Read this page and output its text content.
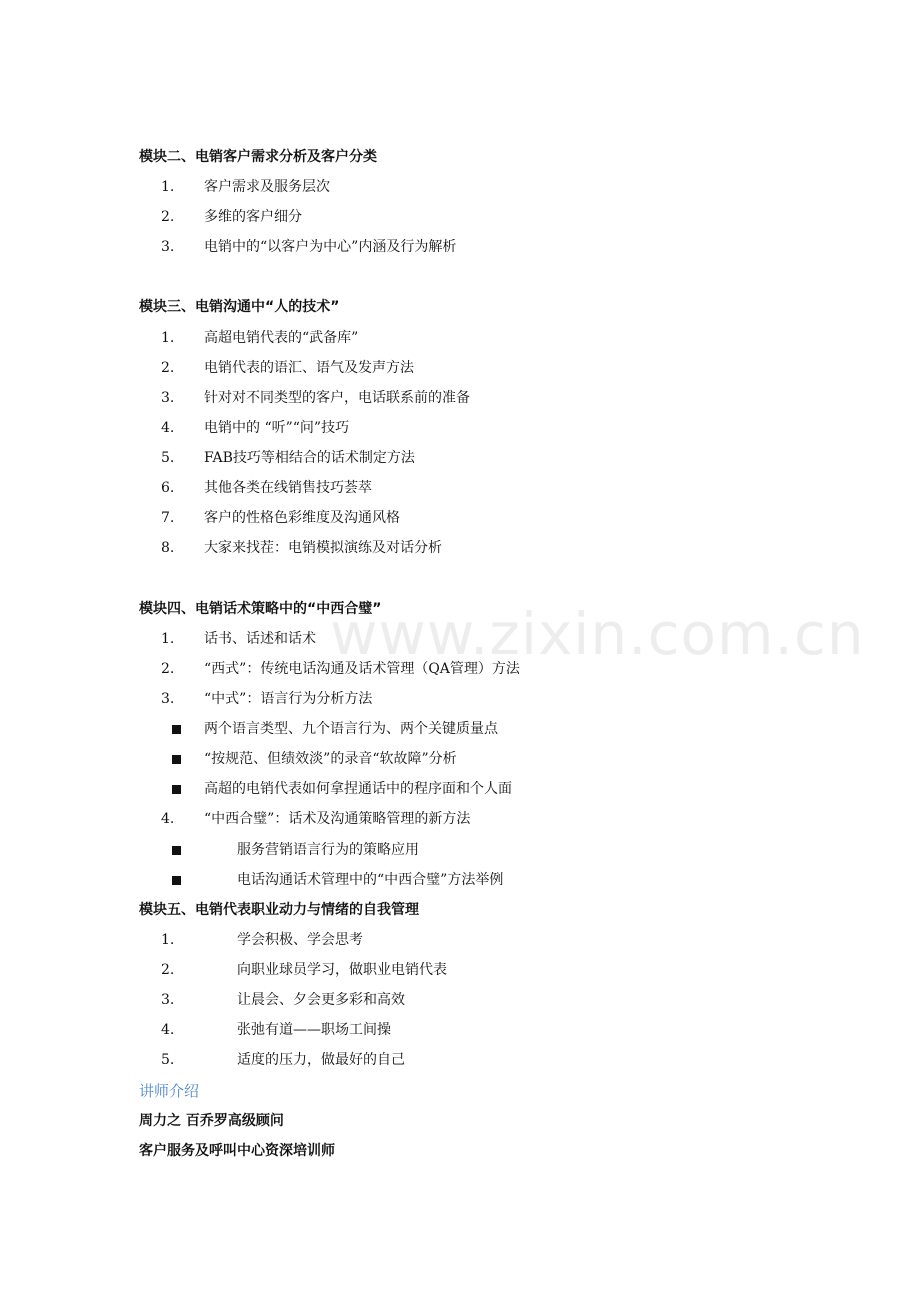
www.zixin.com.cn
模块二、电销客户需求分析及客户分类
1.	客户需求及服务层次
2.	多维的客户细分
3.	电销中的“以客户为中心”内涵及行为解析
模块三、电销沟通中“人的技术”
1.	高超电销代表的“武备库”
2.	电销代表的语汇、语气及发声方法
3.	针对对不同类型的客户，电话联系前的准备
4.	电销中的 “听”“问”技巧
5.	FAB技巧等相结合的话术制定方法
6.	其他各类在线销售技巧荟萃
7.	客户的性格色彩维度及沟通风格
8.	大家来找茬：电销模拟演练及对话分析
模块四、电销话术策略中的“中西合璧”
1.	话书、话述和话术
2.	“西式”：传统电话沟通及话术管理（QA管理）方法
3.	“中式”：语言行为分析方法
两个语言类型、九个语言行为、两个关键质量点
“按规范、但绩效淡”的录音“软故障”分析
高超的电销代表如何拿捏通话中的程序面和个人面
4.	“中西合璧”：话术及沟通策略管理的新方法
服务营销语言行为的策略应用
电话沟通话术管理中的“中西合璧”方法举例
模块五、电销代表职业动力与情绪的自我管理
1.	学会积极、学会思考
2.	向职业球员学习，做职业电销代表
3.	让晨会、夕会更多彩和高效
4.	张弛有道——职场工间操
5.	适度的压力，做最好的自己
讲师介绍
周力之 百乔罗高级顾问
客户服务及呼叫中心资深培训师
